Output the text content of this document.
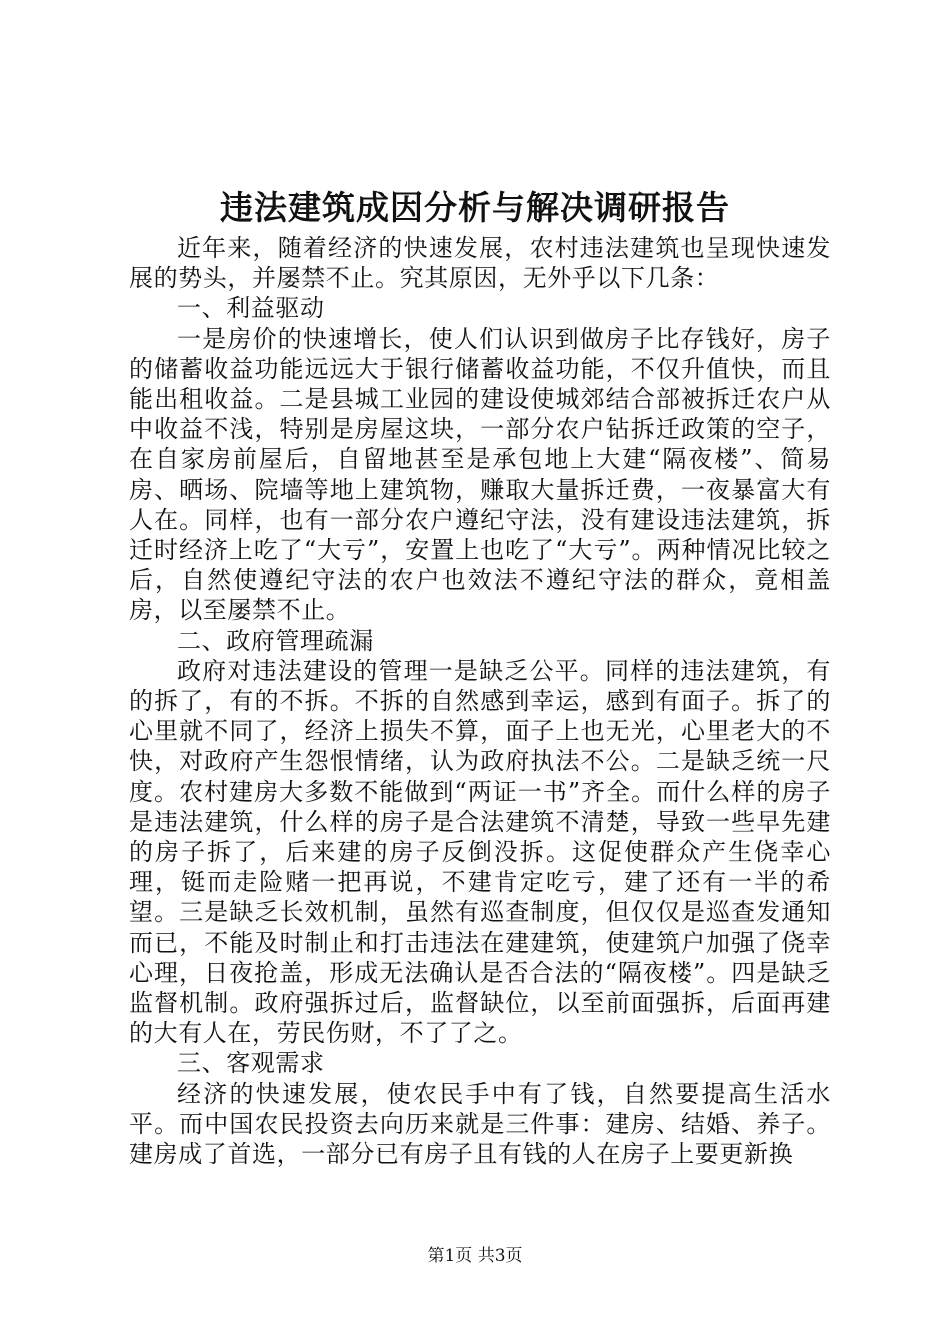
违法建筑成因分析与解决调研报告

近年来，随着经济的快速发展，农村违法建筑也呈现快速发展的势头，并屡禁不止。究其原因，无外乎以下几条：

一、利益驱动

一是房价的快速增长，使人们认识到做房子比存钱好，房子的储蓄收益功能远远大于银行储蓄收益功能，不仅升值快，而且能出租收益。二是县城工业园的建设使城郊结合部被拆迁农户从中收益不浅，特别是房屋这块，一部分农户钻拆迁政策的空子，在自家房前屋后，自留地甚至是承包地上大建“隔夜楼”、简易房、晒场、院墙等地上建筑物，赚取大量拆迁费，一夜暴富大有人在。同样，也有一部分农户遵纪守法，没有建设违法建筑，拆迁时经济上吃了“大亏”，安置上也吃了“大亏”。两种情况比较之后，自然使遵纪守法的农户也效法不遵纪守法的群众，竟相盖房，以至屡禁不止。

二、政府管理疏漏

政府对违法建设的管理一是缺乏公平。同样的违法建筑，有的拆了，有的不拆。不拆的自然感到幸运，感到有面子。拆了的心里就不同了，经济上损失不算，面子上也无光，心里老大的不快，对政府产生怨恨情绪，认为政府执法不公。二是缺乏统一尺度。农村建房大多数不能做到“两证一书”齐全。而什么样的房子是违法建筑，什么样的房子是合法建筑不清楚，导致一些早先建的房子拆了，后来建的房子反倒没拆。这促使群众产生侥幸心理，铤而走险赌一把再说，不建肯定吃亏，建了还有一半的希望。三是缺乏长效机制，虽然有巡查制度，但仅仅是巡查发通知而已，不能及时制止和打击违法在建建筑，使建筑户加强了侥幸心理，日夜抢盖，形成无法确认是否合法的“隔夜楼”。四是缺乏监督机制。政府强拆过后，监督缺位，以至前面强拆，后面再建的大有人在，劳民伤财，不了了之。

三、客观需求

经济的快速发展，使农民手中有了钱，自然要提高生活水平。而中国农民投资去向历来就是三件事：建房、结婚、养子。建房成了首选，一部分已有房子且有钱的人在房子上要更新换

第1页 共3页
